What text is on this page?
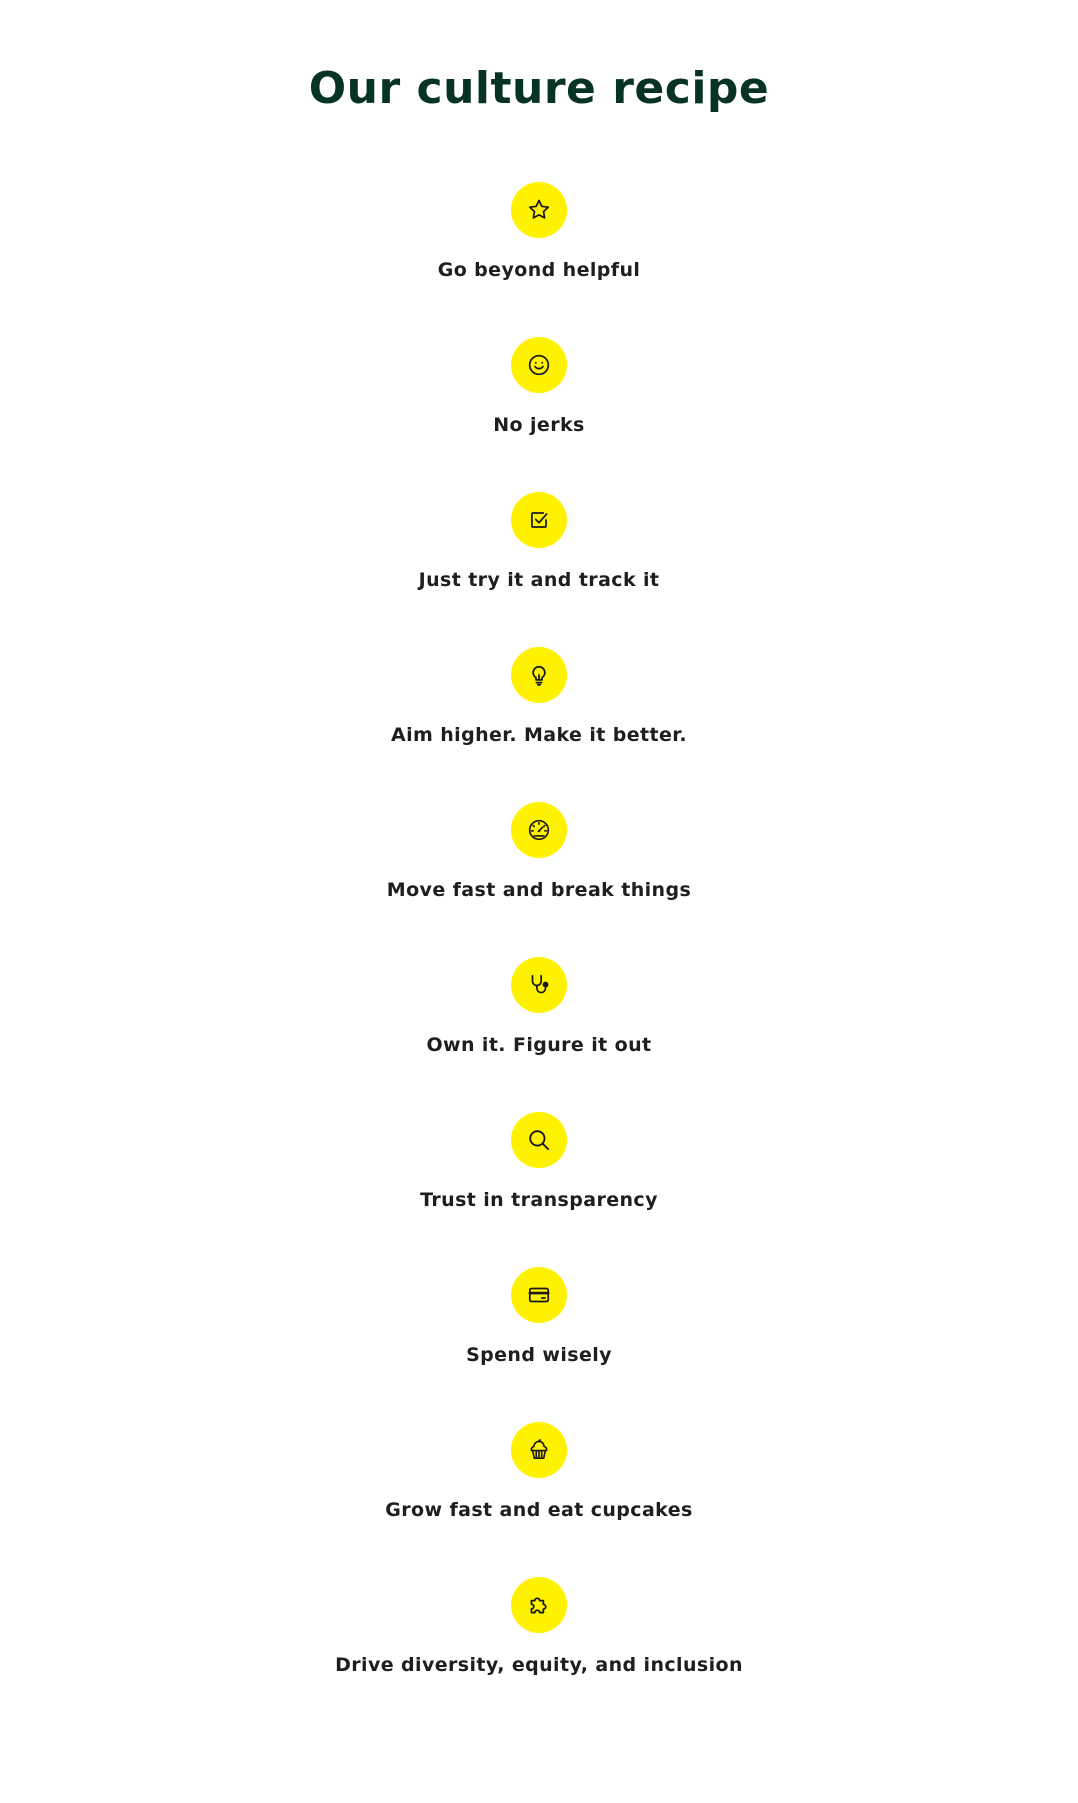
Our culture recipe
Go beyond helpful
No jerks
Just try it and track it
Aim higher. Make it better.
Move fast and break things
Own it. Figure it out
Trust in transparency
Spend wisely
Grow fast and eat cupcakes
Drive diversity, equity, and inclusion
